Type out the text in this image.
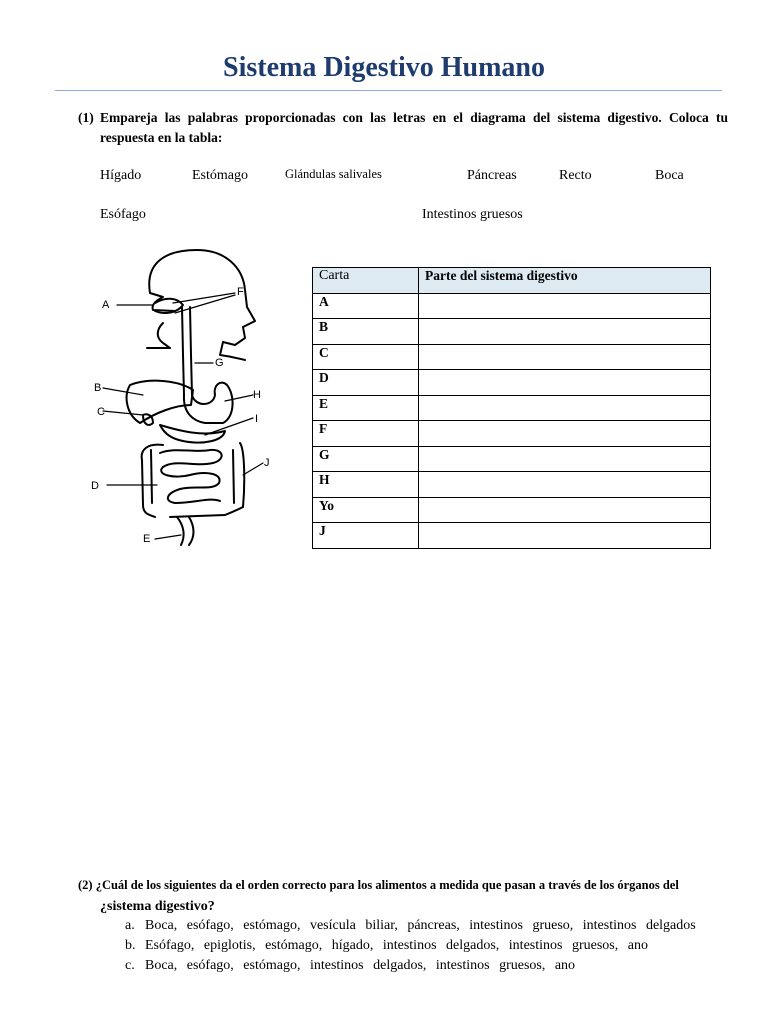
Sistema Digestivo Humano
(1) Empareja las palabras proporcionadas con las letras en el diagrama del sistema digestivo. Coloca tu respuesta en la tabla:
Hígado	Estómago	Glándulas salivales	Páncreas	Recto	Boca
Esófago	Intestinos gruesos
A
F
G
B
H
C
I
J
D
E
Carta	Parte del sistema digestivo
A	
B	
C	
D	
E	
F	
G	
H	
Yo	
J	
(2) ¿Cuál de los siguientes da el orden correcto para los alimentos a medida que pasan a través de los órganos del
¿sistema digestivo?
a. Boca, esófago, estómago, vesícula biliar, páncreas, intestinos grueso, intestinos delgados
b. Esófago, epiglotis, estómago, hígado, intestinos delgados, intestinos gruesos, ano
c. Boca, esófago, estómago, intestinos delgados, intestinos gruesos, ano
